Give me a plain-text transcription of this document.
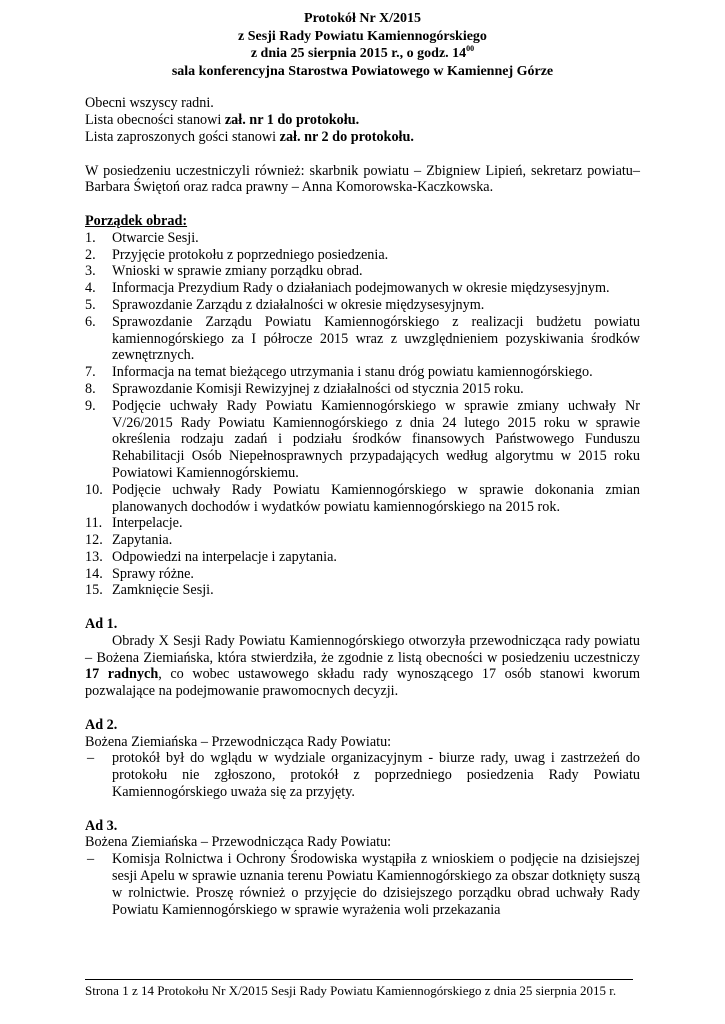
Protokół Nr X/2015
z Sesji Rady Powiatu Kamiennogórskiego
z dnia 25 sierpnia 2015 r., o godz. $14^{00}$
sala konferencyjna Starostwa Powiatowego w Kamiennej Górze

Obecni wszyscy radni.

Lista obecności stanowi zał. nr 1 do protokołu.

Lista zaproszonych gości stanowi zał. nr 2 do protokołu.

W posiedzeniu uczestniczyli również: skarbnik powiatu – Zbigniew Lipień, sekretarz powiatu– Barbara Świętoń oraz radca prawny – Anna Komorowska-Kaczkowska.

Porządek obrad:
1. Otwarcie Sesji.
2. Przyjęcie protokołu z poprzedniego posiedzenia.
3. Wnioski w sprawie zmiany porządku obrad.
4. Informacja Prezydium Rady o działaniach podejmowanych w okresie międzysesyjnym.
5. Sprawozdanie Zarządu z działalności w okresie międzysesyjnym.
6. Sprawozdanie Zarządu Powiatu Kamiennogórskiego z realizacji budżetu powiatu kamiennogórskiego za I półrocze 2015 wraz z uwzględnieniem pozyskiwania środków zewnętrznych.
7. Informacja na temat bieżącego utrzymania i stanu dróg powiatu kamiennogórskiego.
8. Sprawozdanie Komisji Rewizyjnej z działalności od stycznia 2015 roku.
9. Podjęcie uchwały Rady Powiatu Kamiennogórskiego w sprawie zmiany uchwały Nr V/26/2015 Rady Powiatu Kamiennogórskiego z dnia 24 lutego 2015 roku w sprawie określenia rodzaju zadań i podziału środków finansowych Państwowego Funduszu Rehabilitacji Osób Niepełnosprawnych przypadających według algorytmu w 2015 roku Powiatowi Kamiennogórskiemu.
10. Podjęcie uchwały Rady Powiatu Kamiennogórskiego w sprawie dokonania zmian planowanych dochodów i wydatków powiatu kamiennogórskiego na 2015 rok.
11. Interpelacje.
12. Zapytania.
13. Odpowiedzi na interpelacje i zapytania.
14. Sprawy różne.
15. Zamknięcie Sesji.
Ad 1.

Obrady X Sesji Rady Powiatu Kamiennogórskiego otworzyła przewodnicząca rady powiatu – Bożena Ziemiańska, która stwierdziła, że zgodnie z listą obecności w posiedzeniu uczestniczy 17 radnych, co wobec ustawowego składu rady wynoszącego 17 osób stanowi kworum pozwalające na podejmowanie prawomocnych decyzji.

Ad 2.

Bożena Ziemiańska – Przewodnicząca Rady Powiatu:

– protokół był do wglądu w wydziale organizacyjnym - biurze rady, uwag i zastrzeżeń do protokołu nie zgłoszono, protokół z poprzedniego posiedzenia Rady Powiatu Kamiennogórskiego uważa się za przyjęty.
Ad 3.

Bożena Ziemiańska – Przewodnicząca Rady Powiatu:

– Komisja Rolnictwa i Ochrony Środowiska wystąpiła z wnioskiem o podjęcie na dzisiejszej sesji Apelu w sprawie uznania terenu Powiatu Kamiennogórskiego za obszar dotknięty suszą w rolnictwie. Proszę również o przyjęcie do dzisiejszego porządku obrad uchwały Rady Powiatu Kamiennogórskiego w sprawie wyrażenia woli przekazania
Strona 1 z 14 Protokołu Nr X/2015 Sesji Rady Powiatu Kamiennogórskiego z dnia 25 sierpnia 2015 r.
